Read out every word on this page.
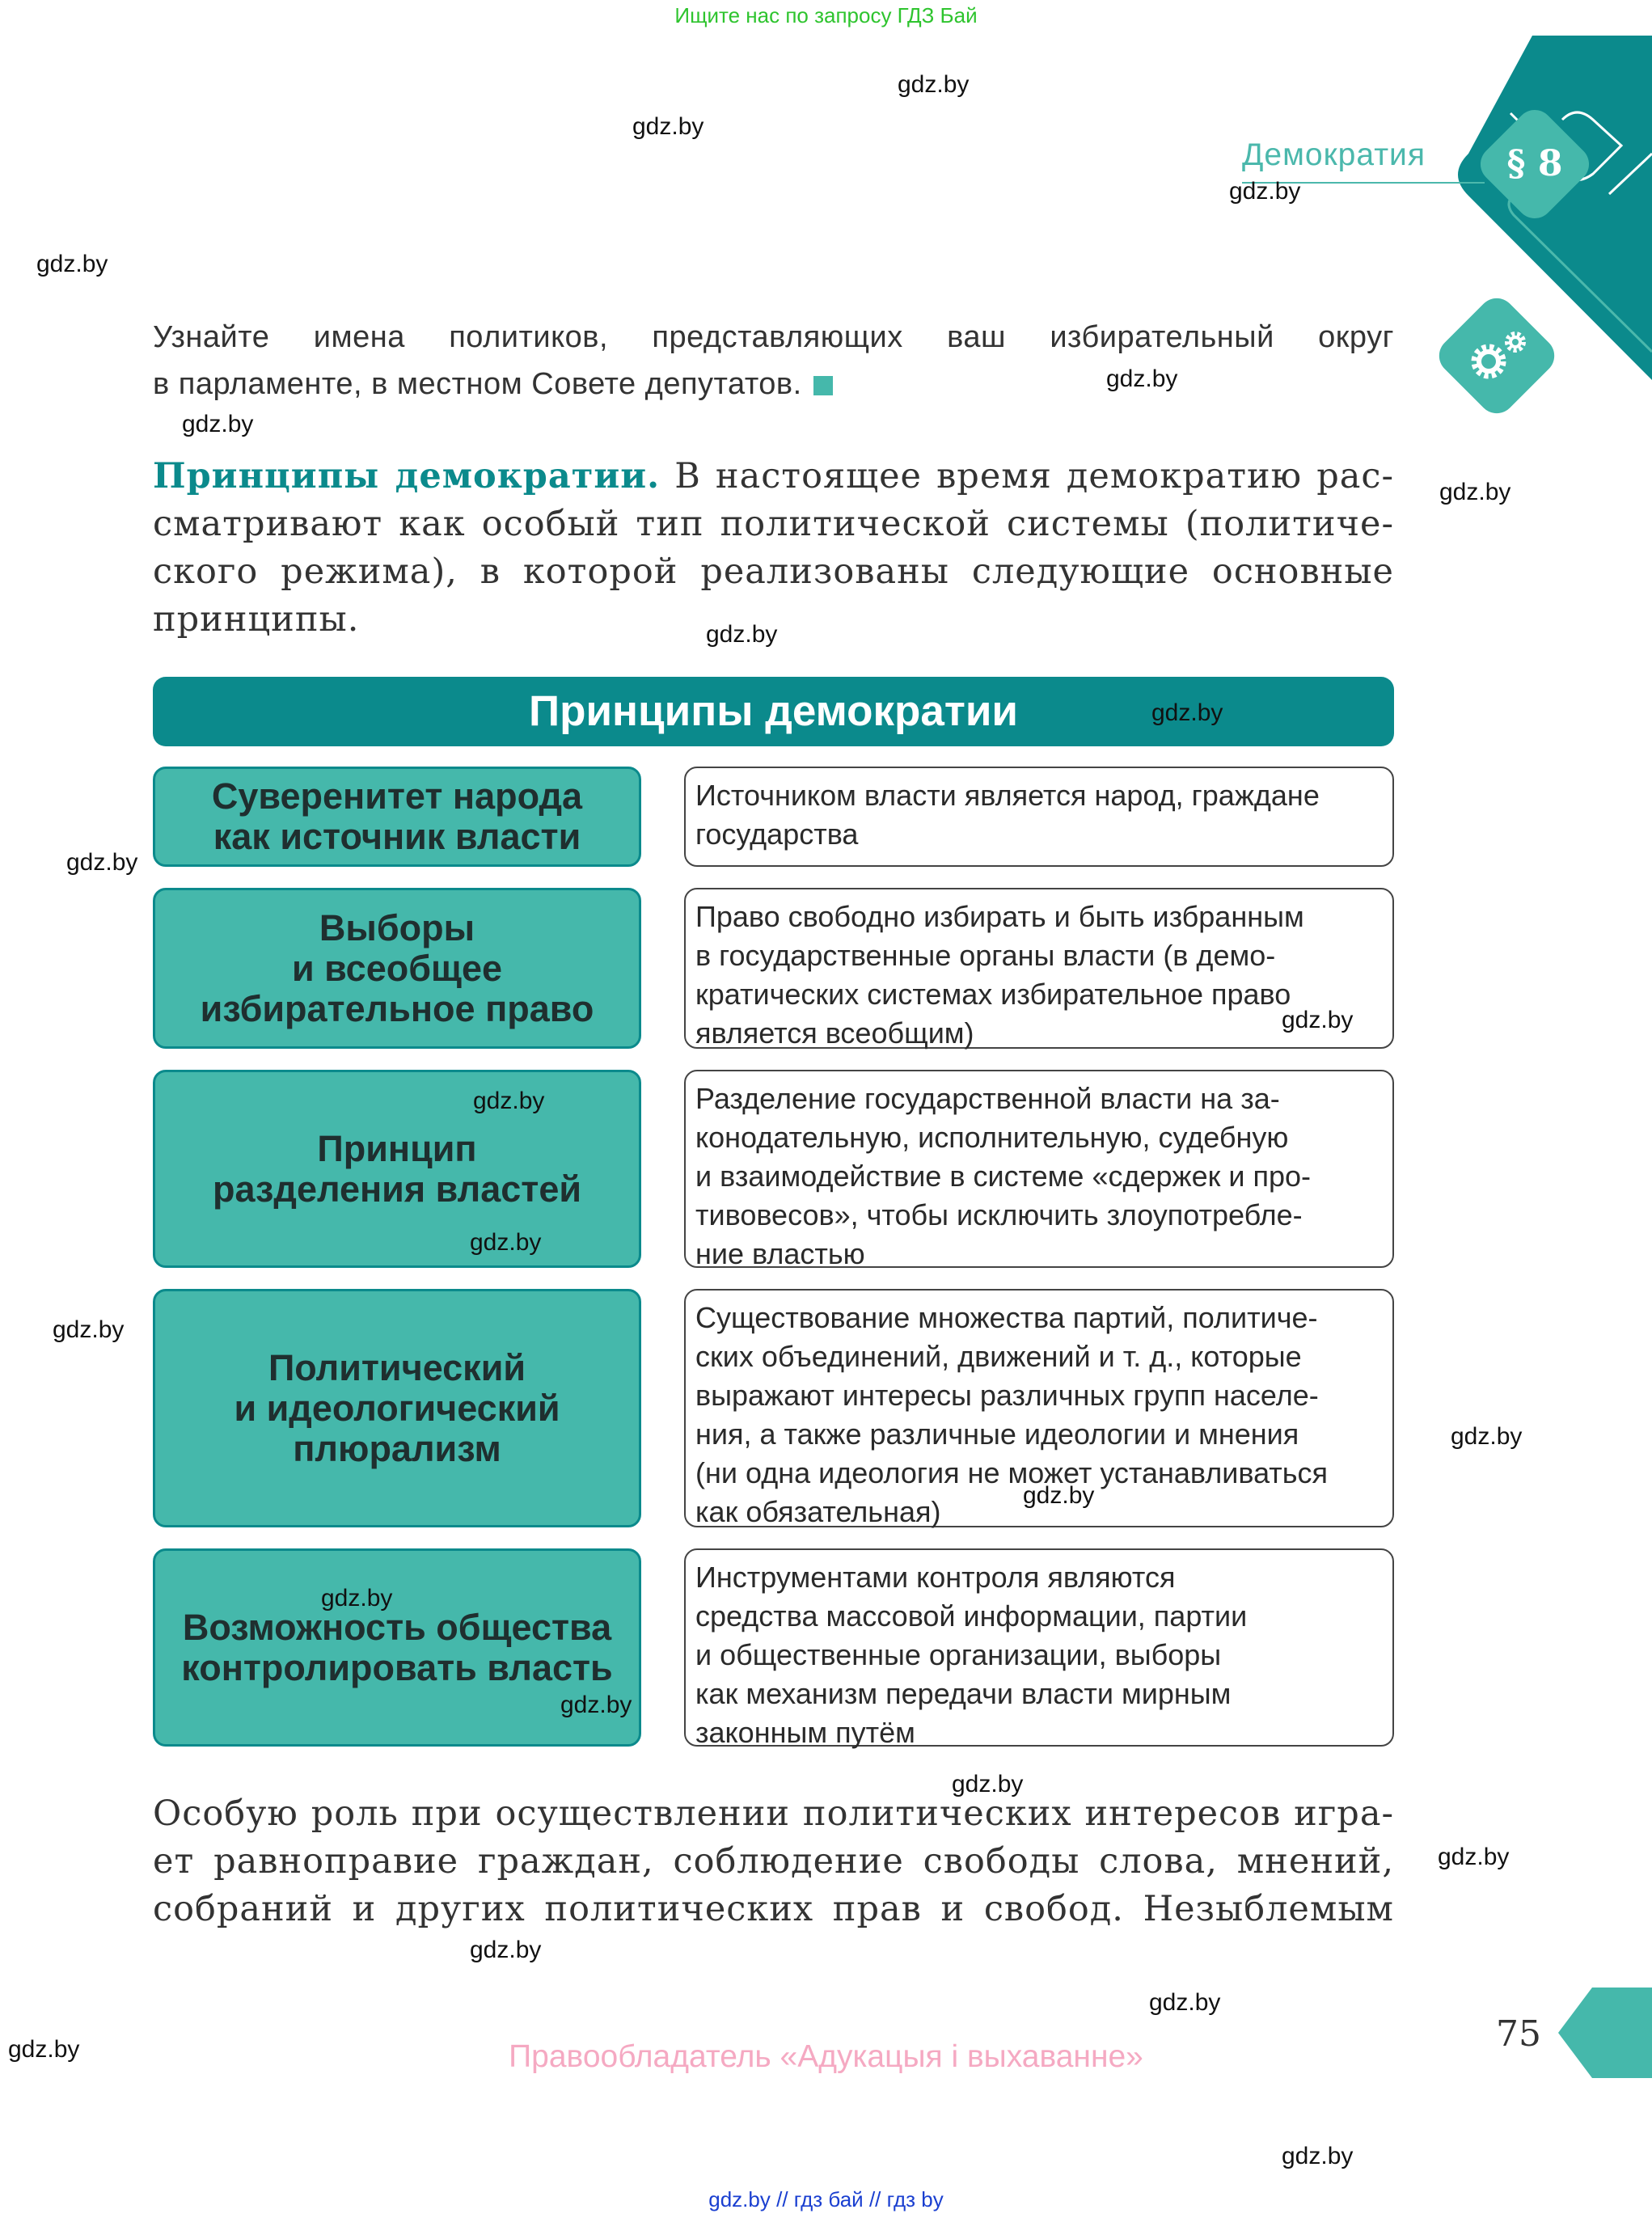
Ищите нас по запросу ГДЗ Бай
§ 8
Демократия
Узнайте имена политиков, представляющих ваш избирательный округ
в парламенте, в местном Совете депутатов.
Принципы демократии. В настоящее время демократию рас-
сматривают как особый тип политической системы (политиче-
ского режима), в которой реализованы следующие основные
принципы.
Принципы демократии
Суверенитет народа
как источник власти
Источником власти является народ, граждане
государства
Выборы
и всеобщее
избирательное право
Право свободно избирать и быть избранным
в государственные органы власти (в демо-
кратических системах избирательное право
является всеобщим)
Принцип
разделения властей
Разделение государственной власти на за-
конодательную, исполнительную, судебную
и взаимодействие в системе «сдержек и про-
тивовесов», чтобы исключить злоупотребле-
ние властью
Политический
и идеологический
плюрализм
Существование множества партий, политиче-
ских объединений, движений и т. д., которые
выражают интересы различных групп населе-
ния, а также различные идеологии и мнения
(ни одна идеология не может устанавливаться
как обязательная)
Возможность общества
контролировать власть
Инструментами контроля являются
средства массовой информации, партии
и общественные организации, выборы
как механизм передачи власти мирным
законным путём
Особую роль при осуществлении политических интересов игра-
ет равноправие граждан, соблюдение свободы слова, мнений,
собраний и других политических прав и свобод. Незыблемым
75
Правообладатель «Адукацыя і выхаванне»
gdz.by // гдз бай // гдз by
gdz.by
gdz.by
gdz.by
gdz.by
gdz.by
gdz.by
gdz.by
gdz.by
gdz.by
gdz.by
gdz.by
gdz.by
gdz.by
gdz.by
gdz.by
gdz.by
gdz.by
gdz.by
gdz.by
gdz.by
gdz.by
gdz.by
gdz.by
gdz.by
